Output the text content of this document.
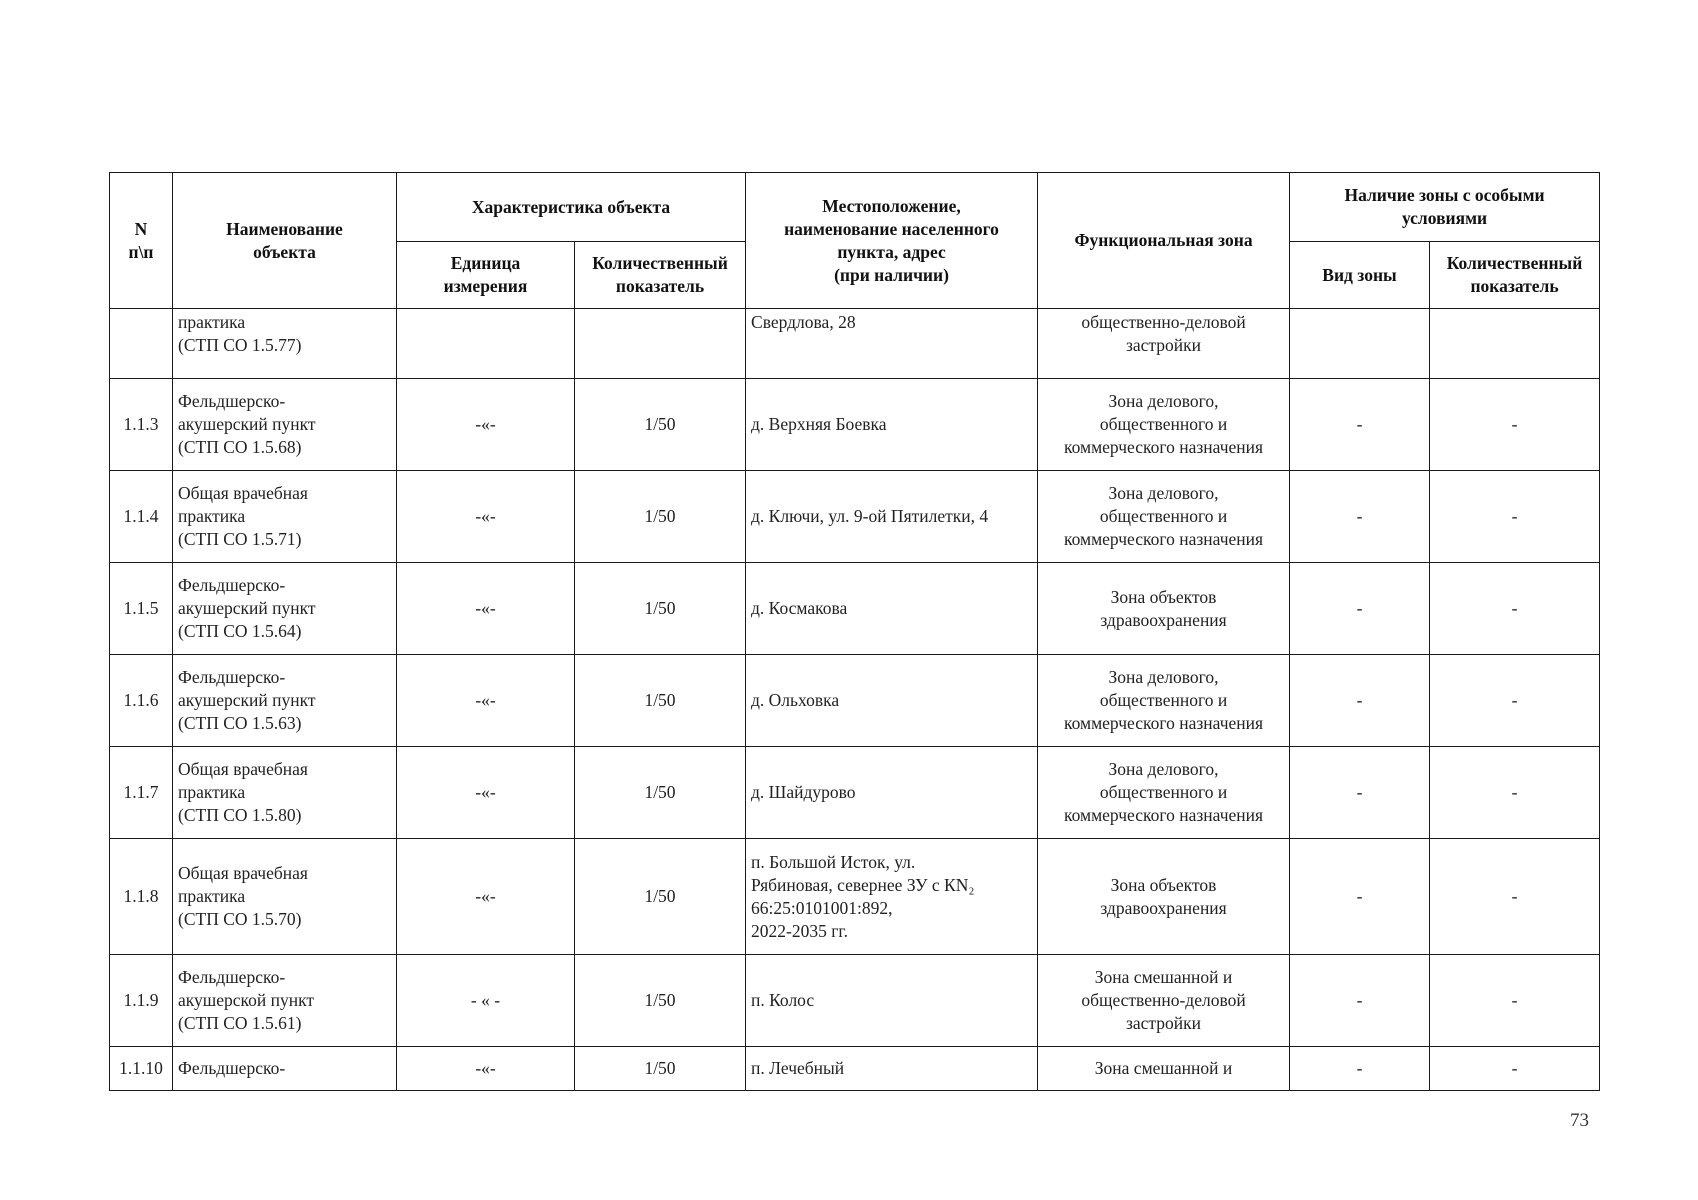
N
п\п	Наименование
объекта	Характеристика объекта		Местоположение,
наименование населенного
пункта, адрес
(при наличии)	Функциональная зона	Наличие зоны с особыми
условиями	
		Единица
измерения	Количественный
показатель			Вид зоны	Количественный
показатель
	практика
(СТП СО 1.5.77)			Свердлова, 28	общественно-деловой
застройки		
1.1.3	Фельдшерско-
акушерский пункт
(СТП СО 1.5.68)	-«-	1/50	д. Верхняя Боевка	Зона делового,
общественного и
коммерческого назначения	-	-
1.1.4	Общая врачебная
практика
(СТП СО 1.5.71)	-«-	1/50	д. Ключи, ул. 9-ой Пятилетки, 4	Зона делового,
общественного и
коммерческого назначения	-	-
1.1.5	Фельдшерско-
акушерский пункт
(СТП СО 1.5.64)	-«-	1/50	д. Космакова	Зона объектов
здравоохранения	-	-
1.1.6	Фельдшерско-
акушерский пункт
(СТП СО 1.5.63)	-«-	1/50	д. Ольховка	Зона делового,
общественного и
коммерческого назначения	-	-
1.1.7	Общая врачебная
практика
(СТП СО 1.5.80)	-«-	1/50	д. Шайдурово	Зона делового,
общественного и
коммерческого назначения	-	-
1.1.8	Общая врачебная
практика
(СТП СО 1.5.70)	-«-	1/50	п. Большой Исток, ул.
Рябиновая, севернее ЗУ с КN₂
66:25:0101001:892,
2022-2035 гг.	Зона объектов
здравоохранения	-	-
1.1.9	Фельдшерско-
акушерской пункт
(СТП СО 1.5.61)	- « -	1/50	п. Колос	Зона смешанной и
общественно-деловой
застройки	-	-
1.1.10	Фельдшерско-	-«-	1/50	п. Лечебный	Зона смешанной и	-	-
73
